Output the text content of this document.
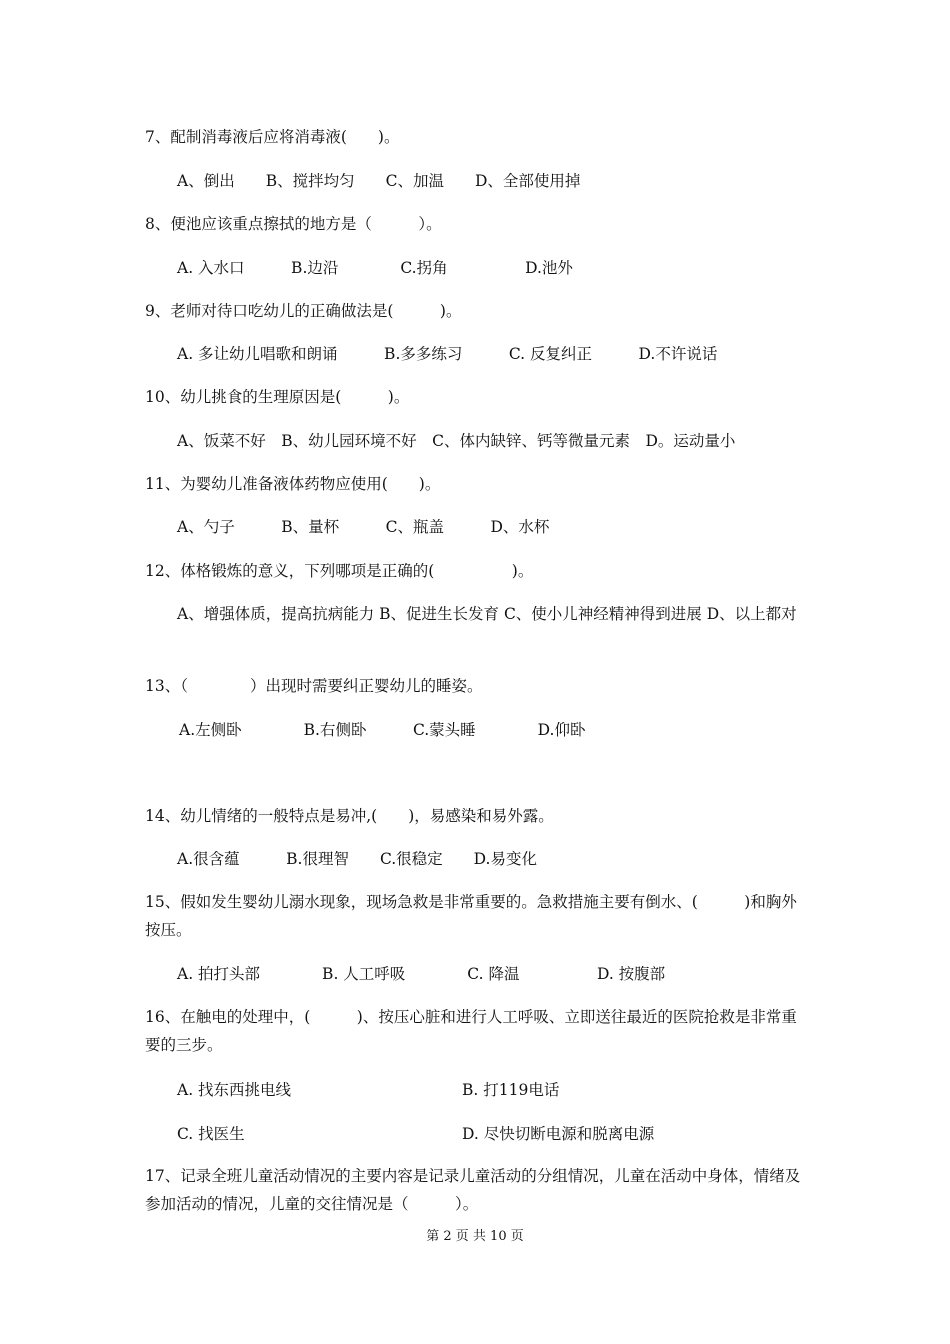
7、配制消毒液后应将消毒液(　　)。
A、倒出　　B、搅拌均匀　　C、加温　　D、全部使用掉
8、便池应该重点擦拭的地方是（　　　）。
A. 入水口　　　B.边沿　　　　C.拐角　　　　　D.池外
9、老师对待口吃幼儿的正确做法是(　　　)。
A. 多让幼儿唱歌和朗诵　　　B.多多练习　　　C. 反复纠正　　　D.不许说话
10、幼儿挑食的生理原因是(　　　)。
A、饭菜不好　B、幼儿园环境不好　C、体内缺锌、钙等微量元素　D。运动量小
11、为婴幼儿准备液体药物应使用(　　)。
A、勺子　　　B、量杯　　　C、瓶盖　　　D、水杯
12、体格锻炼的意义，下列哪项是正确的(　　　　　)。
A、增强体质，提高抗病能力 B、促进生长发育 C、使小儿神经精神得到进展 D、以上都对
13、（　　　　）出现时需要纠正婴幼儿的睡姿。
A.左侧卧　　　　B.右侧卧　　　C.蒙头睡　　　　D.仰卧
14、幼儿情绪的一般特点是易冲,(　　)，易感染和易外露。
A.很含蕴　　　B.很理智　　C.很稳定　　D.易变化
15、假如发生婴幼儿溺水现象，现场急救是非常重要的。急救措施主要有倒水、(　　　)和胸外按压。
A. 拍打头部　　　　B. 人工呼吸　　　　C. 降温　　　　　D. 按腹部
16、在触电的处理中，(　　　)、按压心脏和进行人工呼吸、立即送往最近的医院抢救是非常重要的三步。
A. 找东西挑电线	B. 打119电话
C. 找医生	D. 尽快切断电源和脱离电源
17、记录全班儿童活动情况的主要内容是记录儿童活动的分组情况，儿童在活动中身体，情绪及参加活动的情况，儿童的交往情况是（　　　）。
第 2 页 共 10 页
